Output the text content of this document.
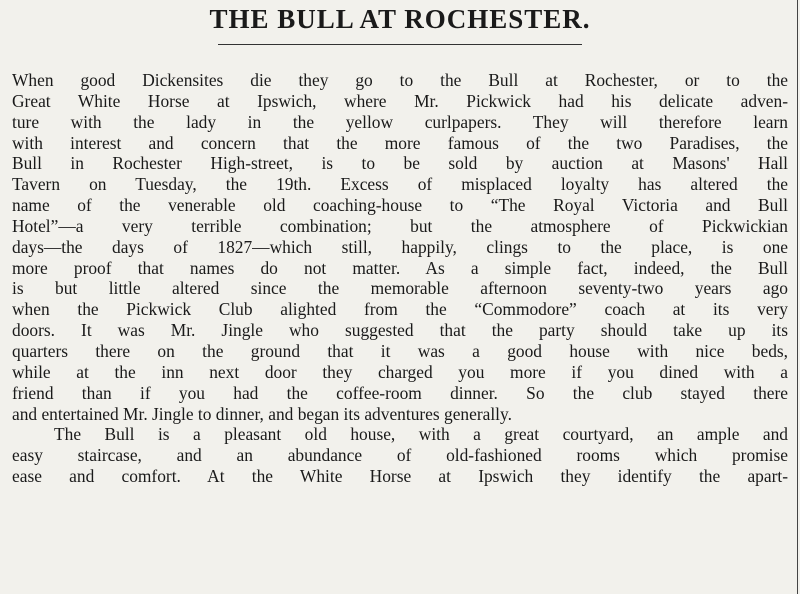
THE BULL AT ROCHESTER.
When good Dickensites die they go to the Bull at Rochester, or to the
Great White Horse at Ipswich, where Mr. Pickwick had his delicate adven-
ture with the lady in the yellow curlpapers. They will therefore learn
with interest and concern that the more famous of the two Paradises, the
Bull in Rochester High-street, is to be sold by auction at Masons' Hall
Tavern on Tuesday, the 19th. Excess of misplaced loyalty has altered the
name of the venerable old coaching-house to “The Royal Victoria and Bull
Hotel”—a very terrible combination; but the atmosphere of Pickwickian
days—the days of 1827—which still, happily, clings to the place, is one
more proof that names do not matter. As a simple fact, indeed, the Bull
is but little altered since the memorable afternoon seventy-two years ago
when the Pickwick Club alighted from the “Commodore” coach at its very
doors. It was Mr. Jingle who suggested that the party should take up its
quarters there on the ground that it was a good house with nice beds,
while at the inn next door they charged you more if you dined with a
friend than if you had the coffee-room dinner. So the club stayed there
and entertained Mr. Jingle to dinner, and began its adventures generally.
The Bull is a pleasant old house, with a great courtyard, an ample and
easy staircase, and an abundance of old-fashioned rooms which promise
ease and comfort. At the White Horse at Ipswich they identify the apart-
